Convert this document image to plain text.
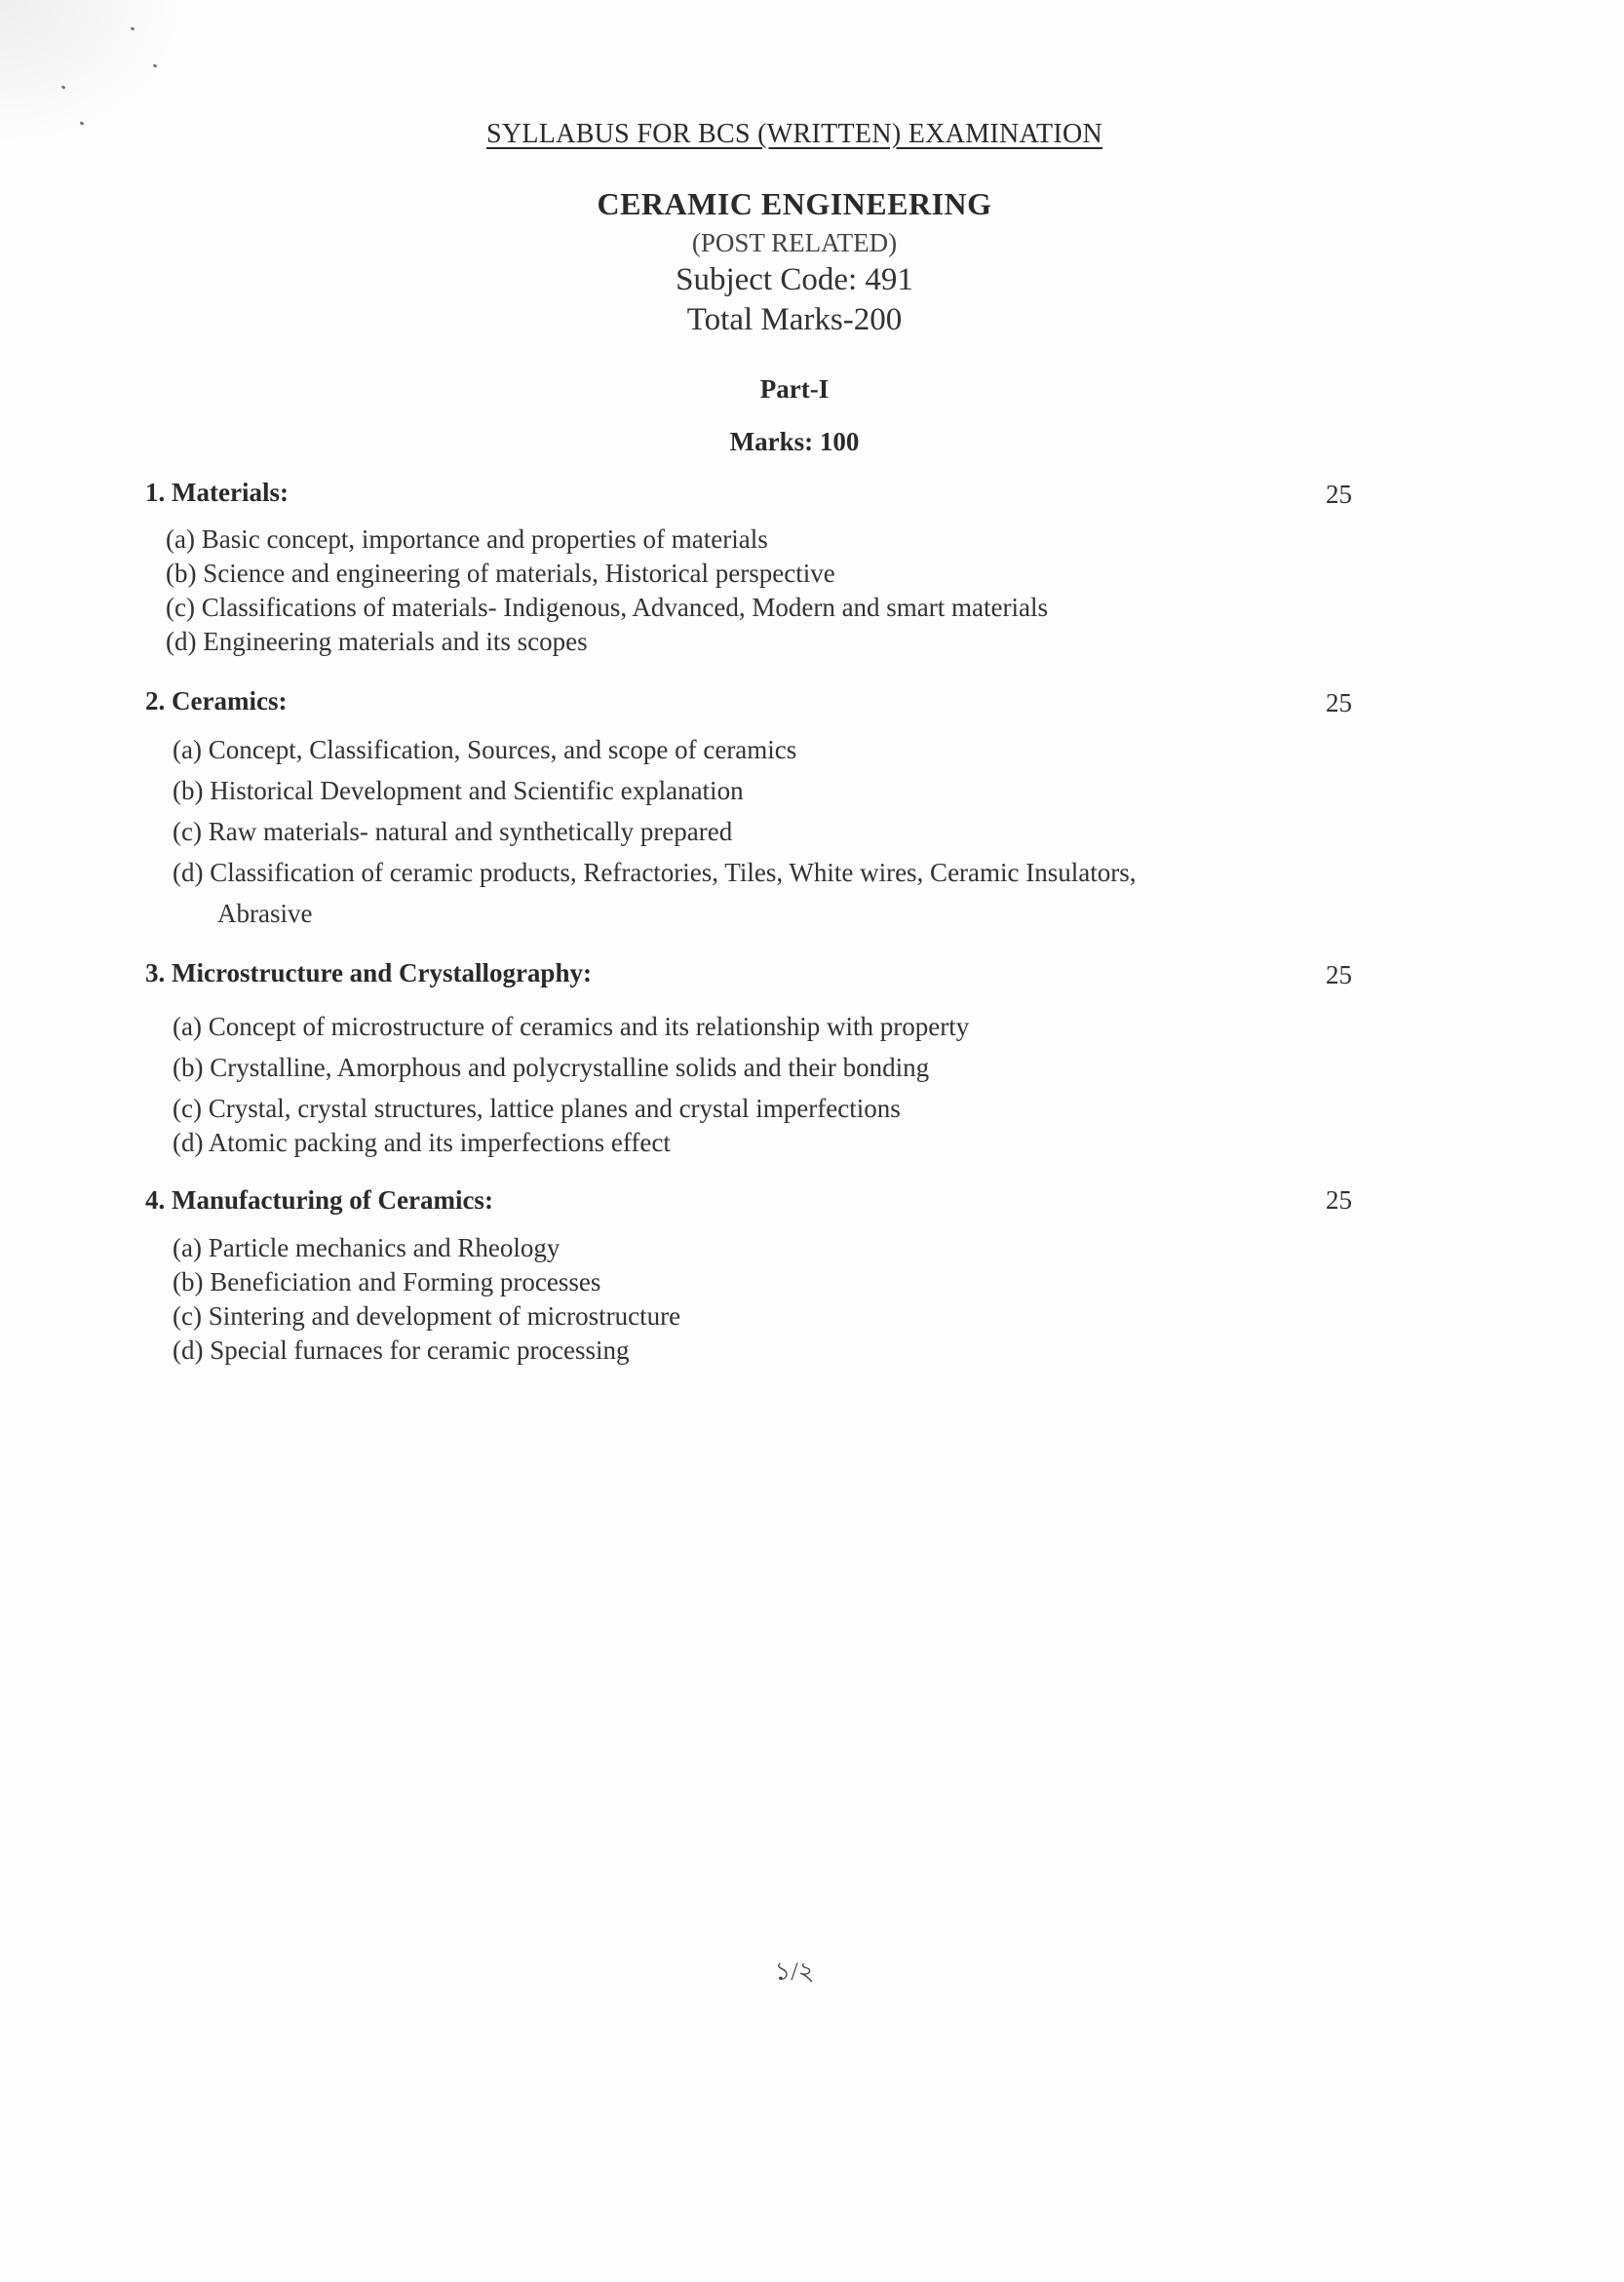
SYLLABUS FOR BCS (WRITTEN) EXAMINATION
CERAMIC ENGINEERING
(POST RELATED)
Subject Code: 491
Total Marks-200
Part-I
Marks: 100
1. Materials:	25
(a) Basic concept, importance and properties of materials
(b) Science and engineering of materials, Historical perspective
(c) Classifications of materials- Indigenous, Advanced, Modern and smart materials
(d) Engineering materials and its scopes
2. Ceramics:	25
(a) Concept, Classification, Sources, and scope of ceramics
(b) Historical Development and Scientific explanation
(c) Raw materials- natural and synthetically prepared
(d) Classification of ceramic products, Refractories, Tiles, White wires, Ceramic Insulators,
Abrasive
3. Microstructure and Crystallography:	25
(a) Concept of microstructure of ceramics and its relationship with property
(b) Crystalline, Amorphous and polycrystalline solids and their bonding
(c) Crystal, crystal structures, lattice planes and crystal imperfections
(d) Atomic packing and its imperfections effect
4. Manufacturing of Ceramics:	25
(a) Particle mechanics and Rheology
(b) Beneficiation and Forming processes
(c) Sintering and development of microstructure
(d) Special furnaces for ceramic processing
১/২
